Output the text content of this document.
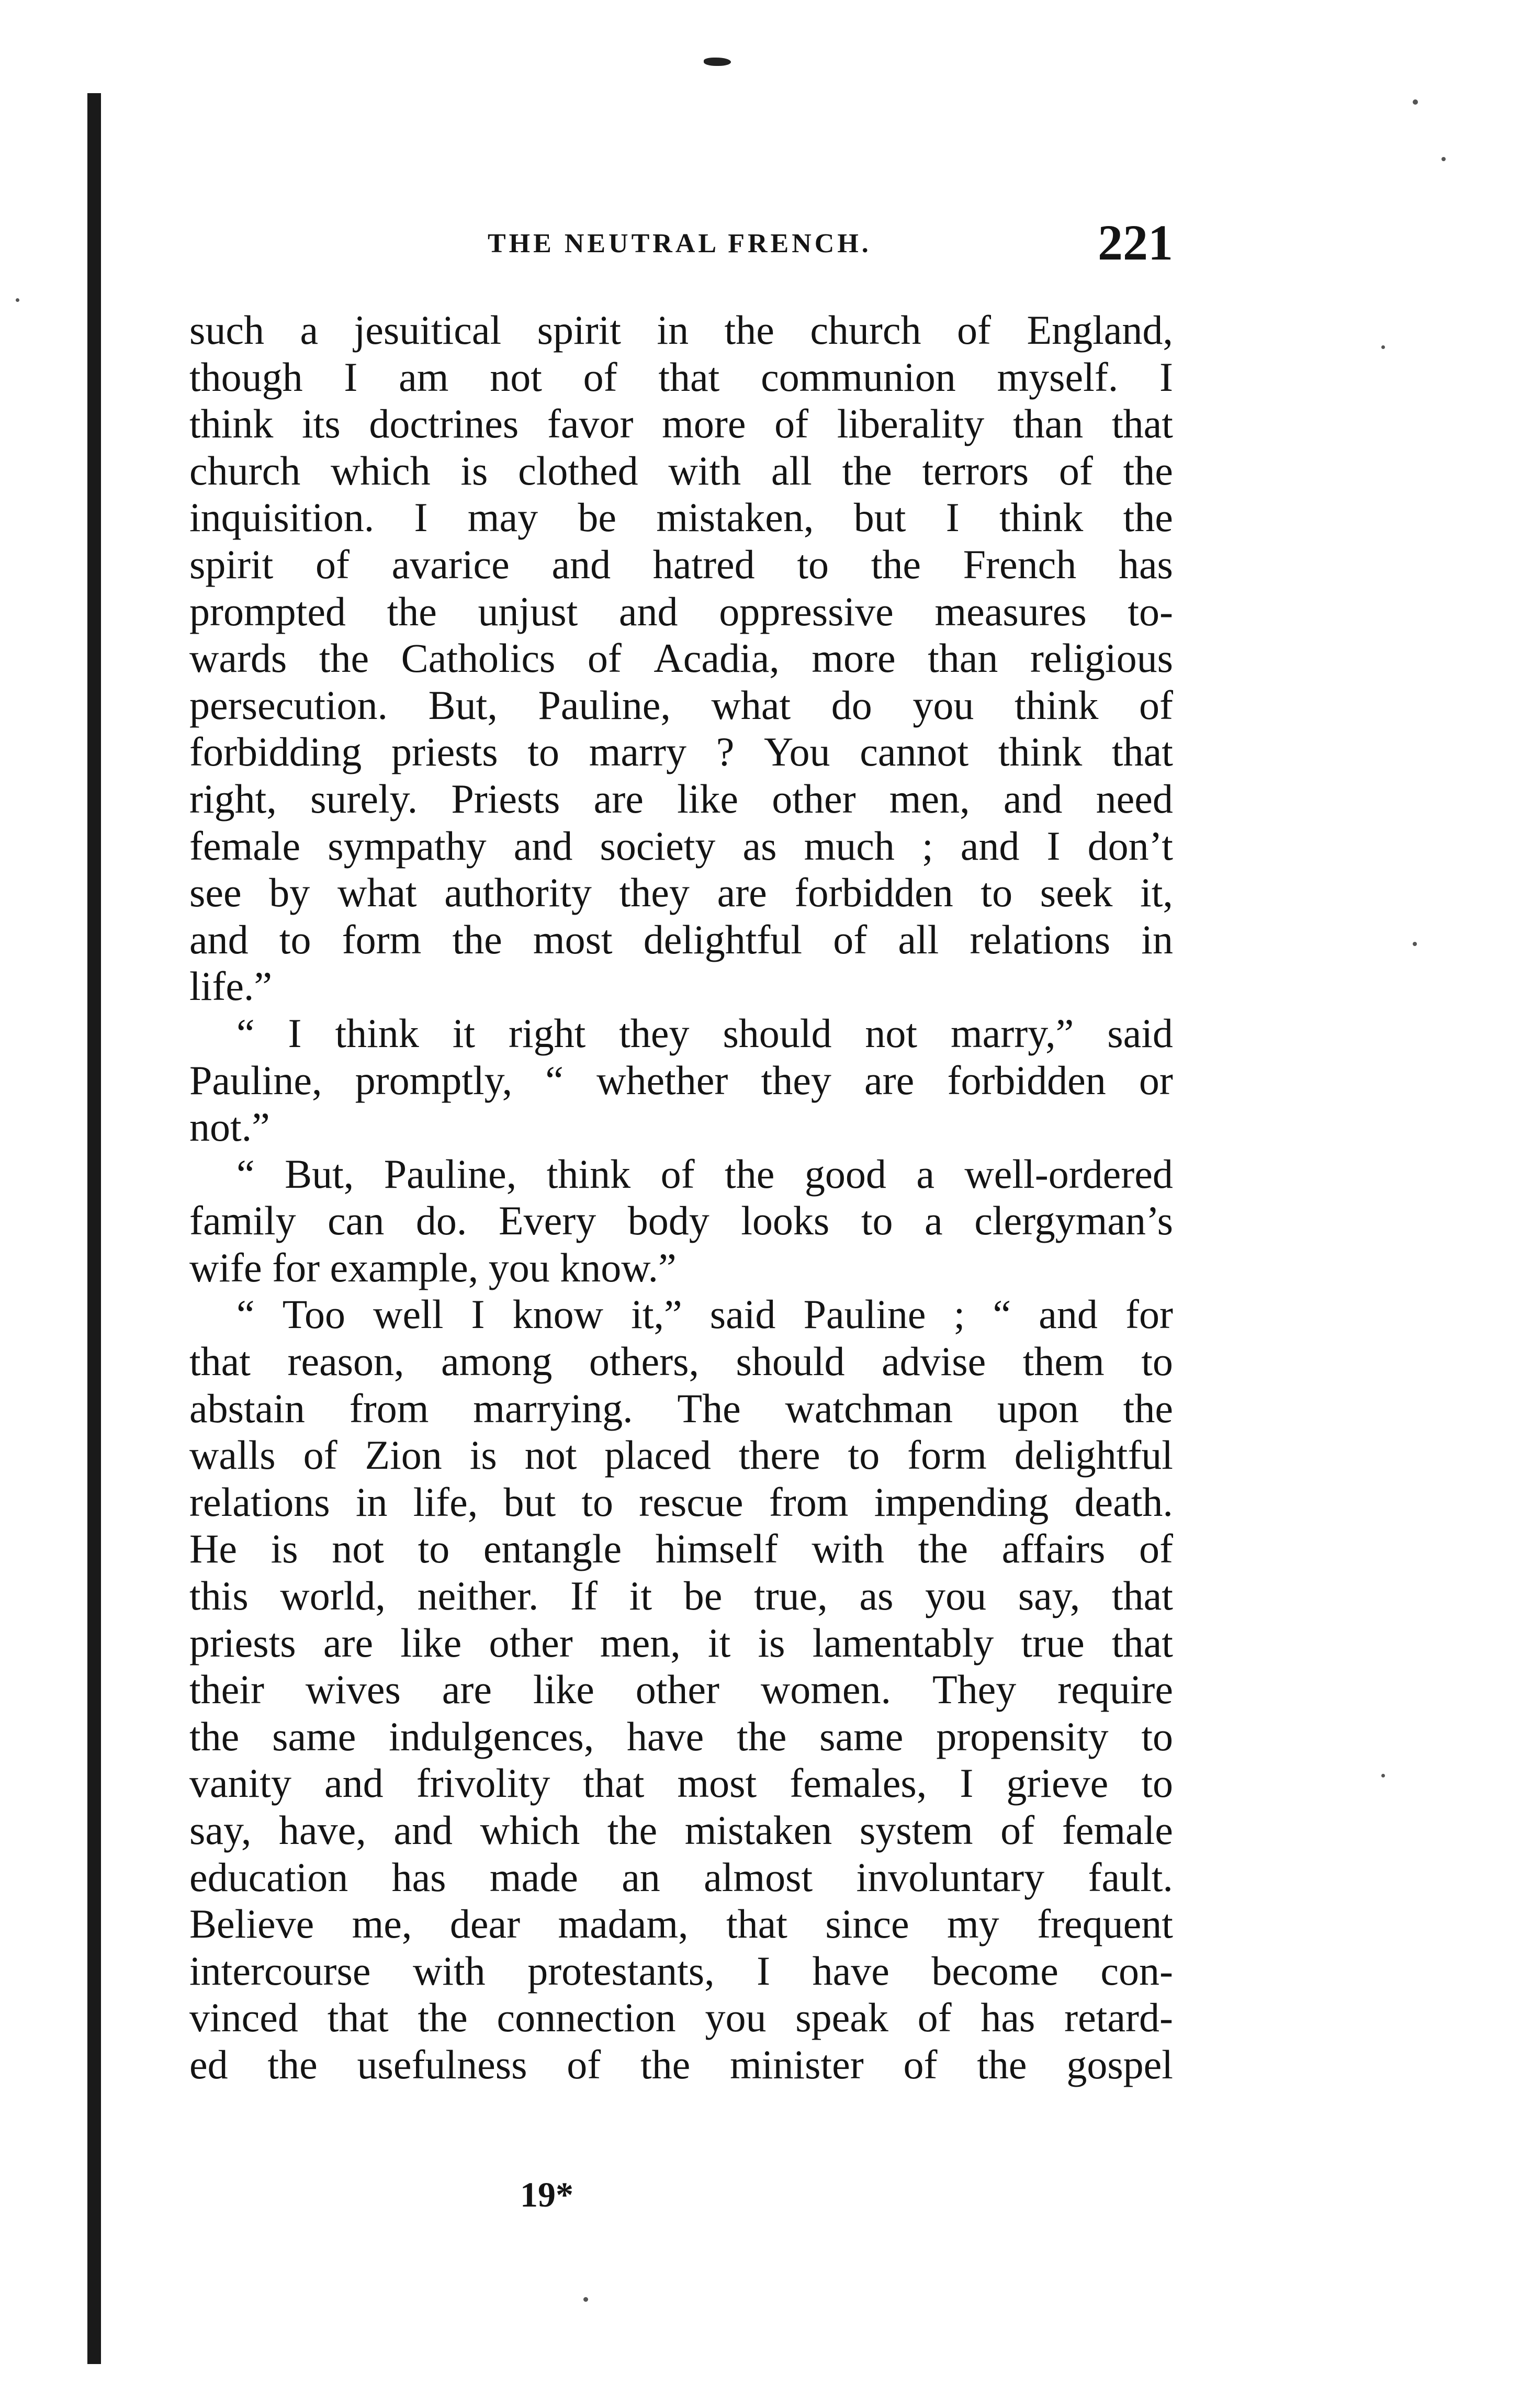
THE NEUTRAL FRENCH.	221
such a jesuitical spirit in the church of England,
though I am not of that communion myself. I
think its doctrines favor more of liberality than that
church which is clothed with all the terrors of the
inquisition. I may be mistaken, but I think the
spirit of avarice and hatred to the French has
prompted the unjust and oppressive measures to-
wards the Catholics of Acadia, more than religious
persecution. But, Pauline, what do you think of
forbidding priests to marry ? You cannot think that
right, surely. Priests are like other men, and need
female sympathy and society as much ; and I don’t
see by what authority they are forbidden to seek it,
and to form the most delightful of all relations in
life.”
“ I think it right they should not marry,” said
Pauline, promptly, “ whether they are forbidden or
not.”
“ But, Pauline, think of the good a well-ordered
family can do. Every body looks to a clergyman’s
wife for example, you know.”
“ Too well I know it,” said Pauline ; “ and for
that reason, among others, should advise them to
abstain from marrying. The watchman upon the
walls of Zion is not placed there to form delightful
relations in life, but to rescue from impending death.
He is not to entangle himself with the affairs of
this world, neither. If it be true, as you say, that
priests are like other men, it is lamentably true that
their wives are like other women. They require
the same indulgences, have the same propensity to
vanity and frivolity that most females, I grieve to
say, have, and which the mistaken system of female
education has made an almost involuntary fault.
Believe me, dear madam, that since my frequent
intercourse with protestants, I have become con-
vinced that the connection you speak of has retard-
ed the usefulness of the minister of the gospel
19*
